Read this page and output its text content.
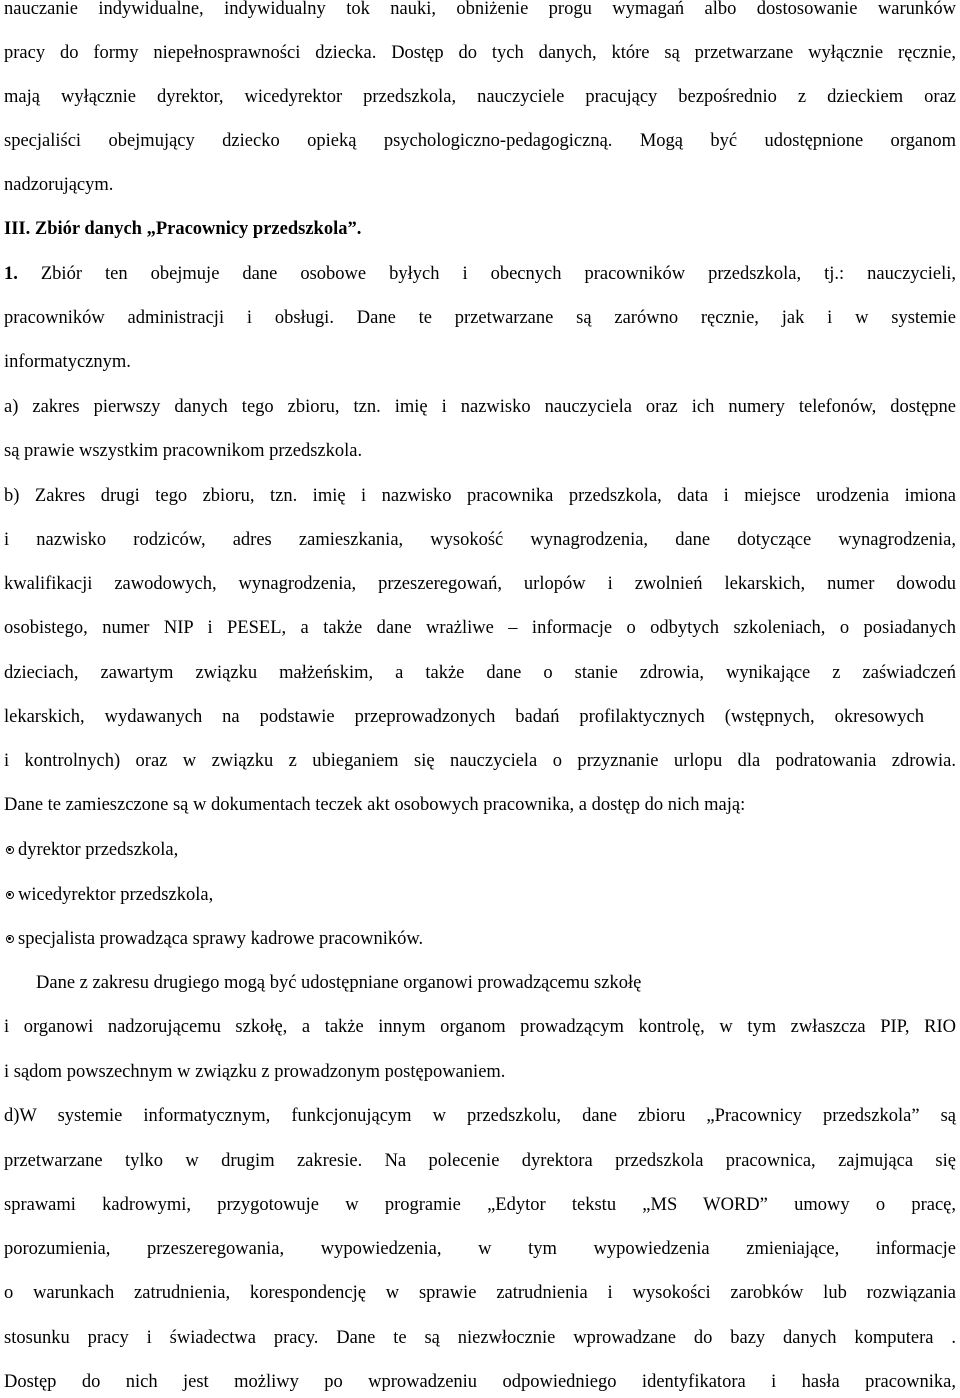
nauczanie indywidualne, indywidualny tok nauki, obniżenie progu wymagań albo dostosowanie warunków
pracy do formy niepełnosprawności dziecka. Dostęp do tych danych, które są przetwarzane wyłącznie ręcznie,
mają wyłącznie dyrektor, wicedyrektor przedszkola, nauczyciele pracujący bezpośrednio z dzieckiem oraz
specjaliści obejmujący dziecko opieką psychologiczno-pedagogiczną. Mogą być udostępnione organom
nadzorującym.
III. Zbiór danych „Pracownicy przedszkola”.
1. Zbiór ten obejmuje dane osobowe byłych i obecnych pracowników przedszkola, tj.: nauczycieli,
pracowników administracji i obsługi. Dane te przetwarzane są zarówno ręcznie, jak i w systemie
informatycznym.
a) zakres pierwszy danych tego zbioru, tzn. imię i nazwisko nauczyciela oraz ich numery telefonów, dostępne
są prawie wszystkim pracownikom przedszkola.
b) Zakres drugi tego zbioru, tzn. imię i nazwisko pracownika przedszkola, data i miejsce urodzenia imiona
i nazwisko rodziców, adres zamieszkania, wysokość wynagrodzenia, dane dotyczące wynagrodzenia,
kwalifikacji zawodowych, wynagrodzenia, przeszeregowań, urlopów i zwolnień lekarskich, numer dowodu
osobistego, numer NIP i PESEL, a także dane wrażliwe – informacje o odbytych szkoleniach, o posiadanych
dzieciach, zawartym związku małżeńskim, a także dane o stanie zdrowia, wynikające z zaświadczeń
lekarskich, wydawanych na podstawie przeprowadzonych badań profilaktycznych (wstępnych, okresowych
i kontrolnych) oraz w związku z ubieganiem się nauczyciela o przyznanie urlopu dla podratowania zdrowia.
Dane te zamieszczone są w dokumentach teczek akt osobowych pracownika, a dostęp do nich mają:
dyrektor przedszkola,
wicedyrektor przedszkola,
specjalista prowadząca sprawy kadrowe pracowników.
Dane z zakresu drugiego mogą być udostępniane organowi prowadzącemu szkołę
i organowi nadzorującemu szkołę, a także innym organom prowadzącym kontrolę, w tym zwłaszcza PIP, RIO
i sądom powszechnym w związku z prowadzonym postępowaniem.
d)W systemie informatycznym, funkcjonującym w przedszkolu, dane zbioru „Pracownicy przedszkola” są
przetwarzane tylko w drugim zakresie. Na polecenie dyrektora przedszkola pracownica, zajmująca się
sprawami kadrowymi, przygotowuje w programie „Edytor tekstu „MS WORD” umowy o pracę,
porozumienia, przeszeregowania, wypowiedzenia, w tym wypowiedzenia zmieniające, informacje
o warunkach zatrudnienia, korespondencję w sprawie zatrudnienia i wysokości zarobków lub rozwiązania
stosunku pracy i świadectwa pracy. Dane te są niezwłocznie wprowadzane do bazy danych komputera .
Dostęp do nich jest możliwy po wprowadzeniu odpowiedniego identyfikatora i hasła pracownika,
